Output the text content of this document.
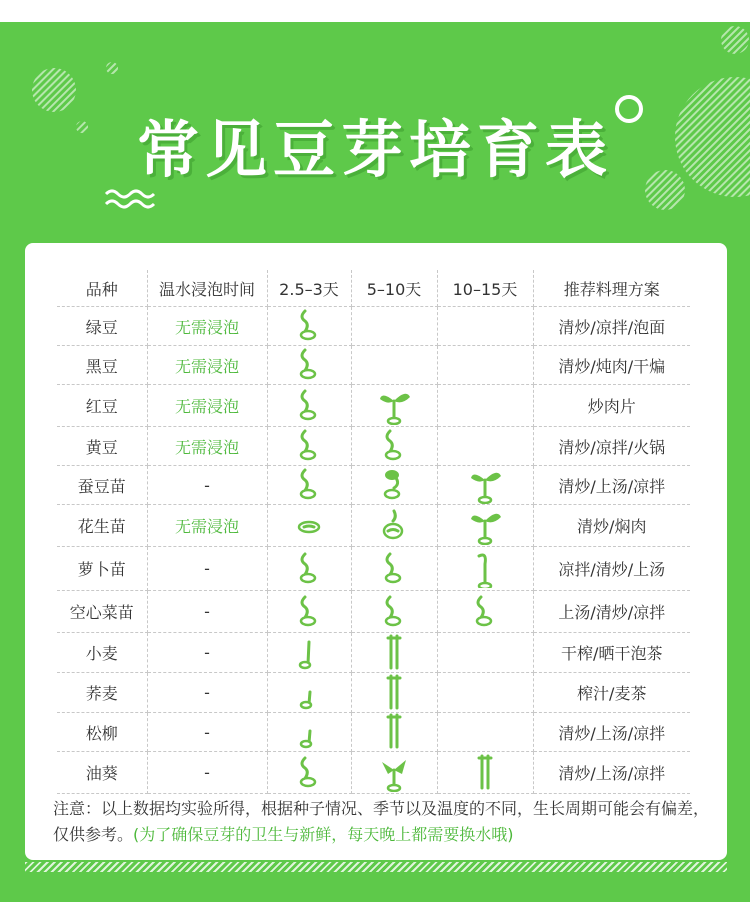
常见豆芽培育表
品种	温水浸泡时间	2.5–3天	5–10天	10–15天	推荐料理方案
绿豆	无需浸泡				清炒/凉拌/泡面
黑豆	无需浸泡				清炒/炖肉/干煸
红豆	无需浸泡				炒肉片
黄豆	无需浸泡				清炒/凉拌/火锅
蚕豆苗	-				清炒/上汤/凉拌
花生苗	无需浸泡				清炒/焖肉
萝卜苗	-				凉拌/清炒/上汤
空心菜苗	-				上汤/清炒/凉拌
小麦	-				干榨/晒干泡茶
荞麦	-				榨汁/麦茶
松柳	-				清炒/上汤/凉拌
油葵	-				清炒/上汤/凉拌
注意：以上数据均实验所得，根据种子情况、季节以及温度的不同，生长周期可能会有偏差，仅供参考。(为了确保豆芽的卫生与新鲜，每天晚上都需要换水哦)
